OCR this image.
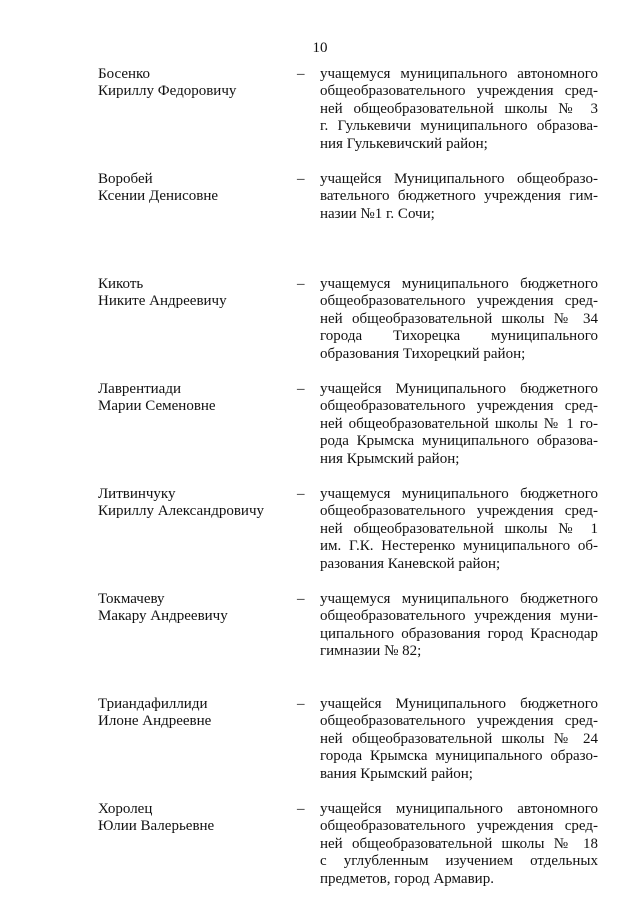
10
Босенко
Кириллу Федоровичу
– учащемуся муниципального автономного
общеобразовательного учреждения сред-
ней общеобразовательной школы № 3
г. Гулькевичи муниципального образова-
ния Гулькевичский район;
Воробей
Ксении Денисовне
– учащейся Муниципального общеобразо-
вательного бюджетного учреждения гим-
назии №1 г. Сочи;
Кикоть
Никите Андреевичу
– учащемуся муниципального бюджетного
общеобразовательного учреждения сред-
ней общеобразовательной школы № 34
города Тихорецка муниципального
образования Тихорецкий район;
Лаврентиади
Марии Семеновне
– учащейся Муниципального бюджетного
общеобразовательного учреждения сред-
ней общеобразовательной школы № 1 го-
рода Крымска муниципального образова-
ния Крымский район;
Литвинчуку
Кириллу Александровичу
– учащемуся муниципального бюджетного
общеобразовательного учреждения сред-
ней общеобразовательной школы № 1
им. Г.К. Нестеренко муниципального об-
разования Каневской район;
Токмачеву
Макару Андреевичу
– учащемуся муниципального бюджетного
общеобразовательного учреждения муни-
ципального образования город Краснодар
гимназии № 82;
Триандафиллиди
Илоне Андреевне
– учащейся Муниципального бюджетного
общеобразовательного учреждения сред-
ней общеобразовательной школы № 24
города Крымска муниципального образо-
вания Крымский район;
Хоролец
Юлии Валерьевне
– учащейся муниципального автономного
общеобразовательного учреждения сред-
ней общеобразовательной школы № 18
с углубленным изучением отдельных
предметов, город Армавир.
